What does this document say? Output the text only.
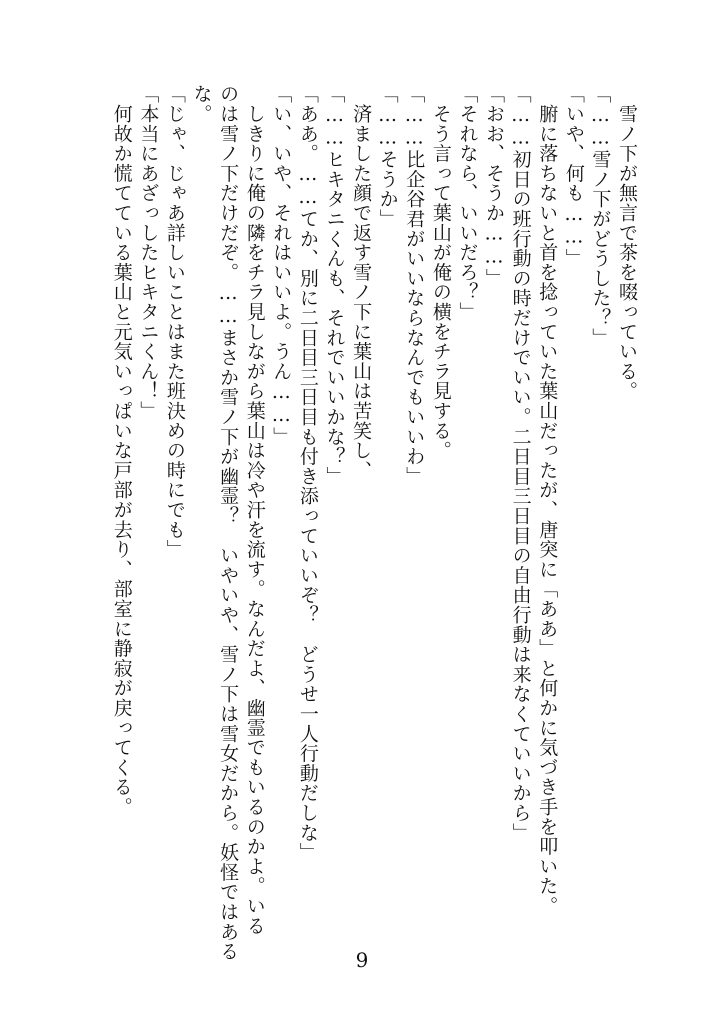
　雪ノ下が無言で茶を啜っている。

「……雪ノ下がどうした？」

「いや、何も……」

　腑に落ちないと首を捻っていた葉山だったが、唐突に「ああ」と何かに気づき手を叩いた。

「……初日の班行動の時だけでいい。二日目三日目の自由行動は来なくていいから」

「おお、そうか……」

「それなら、いいだろ？」

　そう言って葉山が俺の横をチラ見する。

「……比企谷君がいいならなんでもいいわ」

「……そうか」

　済ました顔で返す雪ノ下に葉山は苦笑し、

「……ヒキタニくんも、それでいいかな？」

「ああ。……てか、別に二日目三日目も付き添っていいぞ？　どうせ一人行動だしな」

「い、いや、それはいいよ。うん……」

　しきりに俺の隣をチラ見しながら葉山は冷や汗を流す。なんだよ、幽霊でもいるのかよ。いる

のは雪ノ下だけだぞ。……まさか雪ノ下が幽霊？　いやいや、雪ノ下は雪女だから。妖怪ではある

な。

「じゃ、じゃあ詳しいことはまた班決めの時にでも」

「本当にあざっしたヒキタニくん！」

　何故か慌てている葉山と元気いっぱいな戸部が去り、部室に静寂が戻ってくる。

9
